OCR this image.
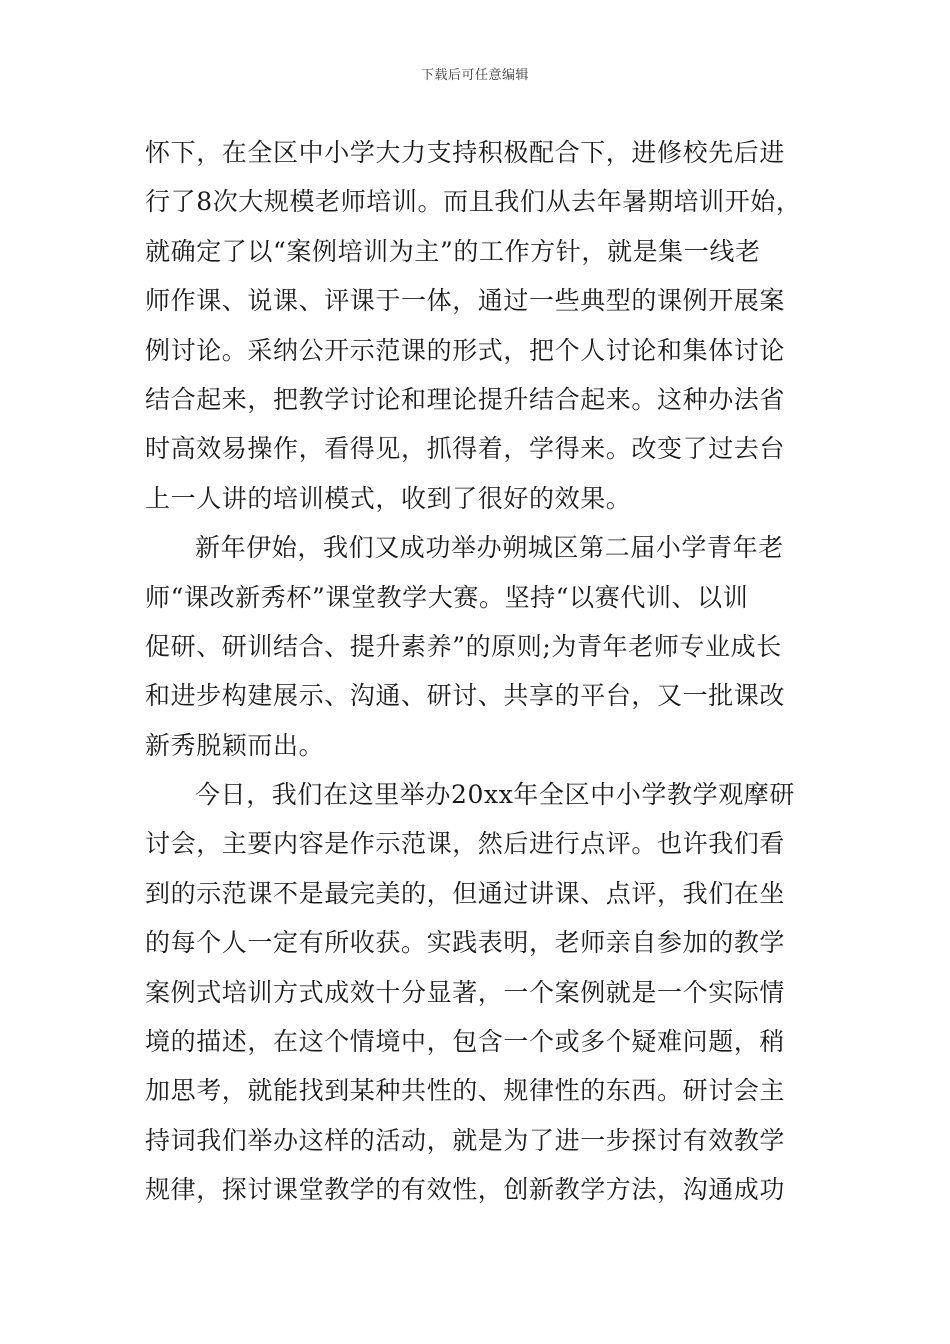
下载后可任意编辑
怀下，在全区中小学大力支持积极配合下，进修校先后进
行了8次大规模老师培训。而且我们从去年暑期培训开始，
就确定了以“案例培训为主”的工作方针，就是集一线老
师作课、说课、评课于一体，通过一些典型的课例开展案
例讨论。采纳公开示范课的形式，把个人讨论和集体讨论
结合起来，把教学讨论和理论提升结合起来。这种办法省
时高效易操作，看得见，抓得着，学得来。改变了过去台
上一人讲的培训模式，收到了很好的效果。
新年伊始，我们又成功举办朔城区第二届小学青年老
师“课改新秀杯”课堂教学大赛。坚持“以赛代训、以训
促研、研训结合、提升素养”的原则;为青年老师专业成长
和进步构建展示、沟通、研讨、共享的平台，又一批课改
新秀脱颖而出。
今日，我们在这里举办20xx年全区中小学教学观摩研
讨会，主要内容是作示范课，然后进行点评。也许我们看
到的示范课不是最完美的，但通过讲课、点评，我们在坐
的每个人一定有所收获。实践表明，老师亲自参加的教学
案例式培训方式成效十分显著，一个案例就是一个实际情
境的描述，在这个情境中，包含一个或多个疑难问题，稍
加思考，就能找到某种共性的、规律性的东西。研讨会主
持词我们举办这样的活动，就是为了进一步探讨有效教学
规律，探讨课堂教学的有效性，创新教学方法，沟通成功
